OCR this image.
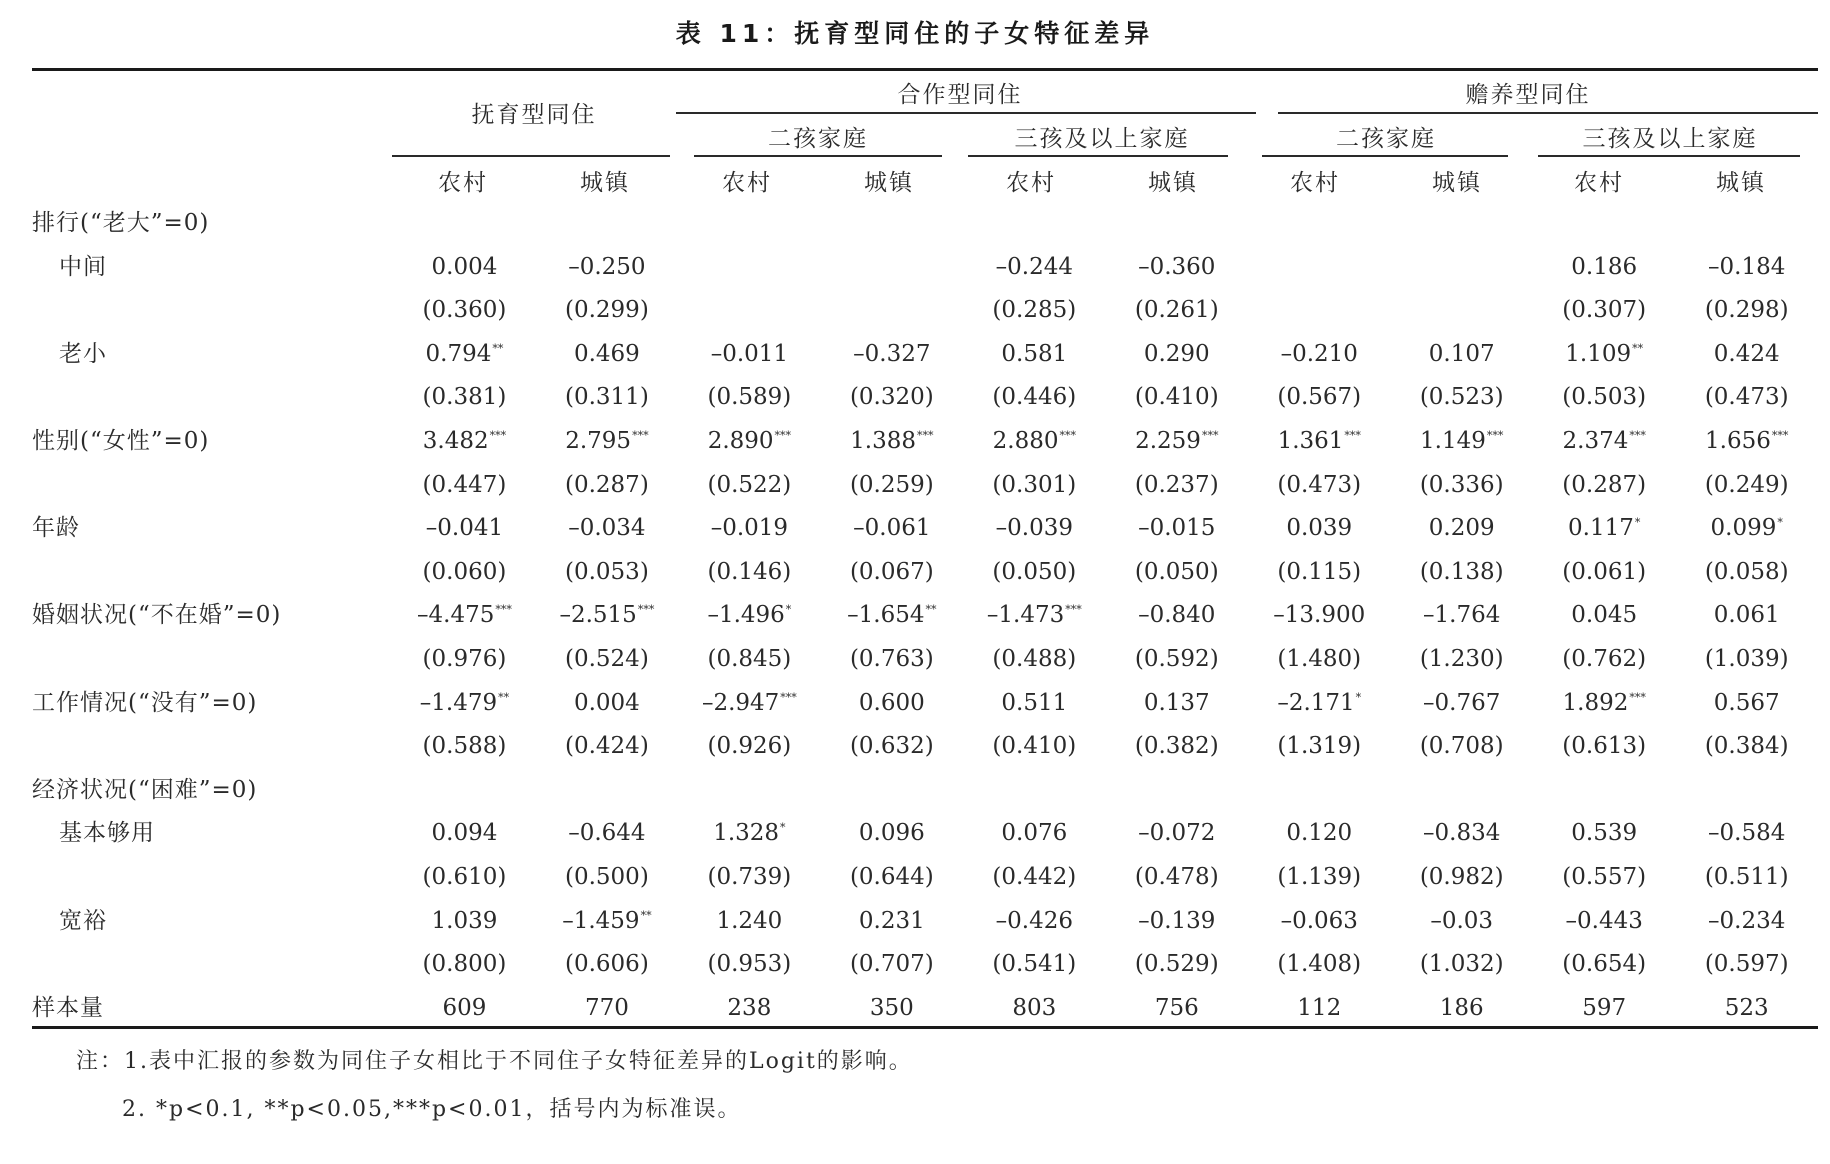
表 11：抚育型同住的子女特征差异
抚育型同住
合作型同住	赡养型同住
二孩家庭	三孩及以上家庭	二孩家庭	三孩及以上家庭
农村	城镇	农村	城镇	农村	城镇	农村	城镇	农村	城镇
排行(“老大”=0)										
中间	0.004	–0.250			–0.244	–0.360			0.186	–0.184
	(0.360)	(0.299)			(0.285)	(0.261)			(0.307)	(0.298)
老小	0.794**	0.469	–0.011	–0.327	0.581	0.290	–0.210	0.107	1.109**	0.424
	(0.381)	(0.311)	(0.589)	(0.320)	(0.446)	(0.410)	(0.567)	(0.523)	(0.503)	(0.473)
性别(“女性”=0)	3.482***	2.795***	2.890***	1.388***	2.880***	2.259***	1.361***	1.149***	2.374***	1.656***
	(0.447)	(0.287)	(0.522)	(0.259)	(0.301)	(0.237)	(0.473)	(0.336)	(0.287)	(0.249)
年龄	–0.041	–0.034	–0.019	–0.061	–0.039	–0.015	0.039	0.209	0.117*	0.099*
	(0.060)	(0.053)	(0.146)	(0.067)	(0.050)	(0.050)	(0.115)	(0.138)	(0.061)	(0.058)
婚姻状况(“不在婚”=0)	–4.475***	–2.515***	–1.496*	–1.654**	–1.473***	–0.840	–13.900	–1.764	0.045	0.061
	(0.976)	(0.524)	(0.845)	(0.763)	(0.488)	(0.592)	(1.480)	(1.230)	(0.762)	(1.039)
工作情况(“没有”=0)	–1.479**	0.004	–2.947***	0.600	0.511	0.137	–2.171*	–0.767	1.892***	0.567
	(0.588)	(0.424)	(0.926)	(0.632)	(0.410)	(0.382)	(1.319)	(0.708)	(0.613)	(0.384)
经济状况(“困难”=0)										
基本够用	0.094	–0.644	1.328*	0.096	0.076	–0.072	0.120	–0.834	0.539	–0.584
	(0.610)	(0.500)	(0.739)	(0.644)	(0.442)	(0.478)	(1.139)	(0.982)	(0.557)	(0.511)
宽裕	1.039	–1.459**	1.240	0.231	–0.426	–0.139	–0.063	–0.03	–0.443	–0.234
	(0.800)	(0.606)	(0.953)	(0.707)	(0.541)	(0.529)	(1.408)	(1.032)	(0.654)	(0.597)
样本量	609	770	238	350	803	756	112	186	597	523
注：1.表中汇报的参数为同住子女相比于不同住子女特征差异的Logit的影响。
2. *p<0.1, **p<0.05,***p<0.01，括号内为标准误。
